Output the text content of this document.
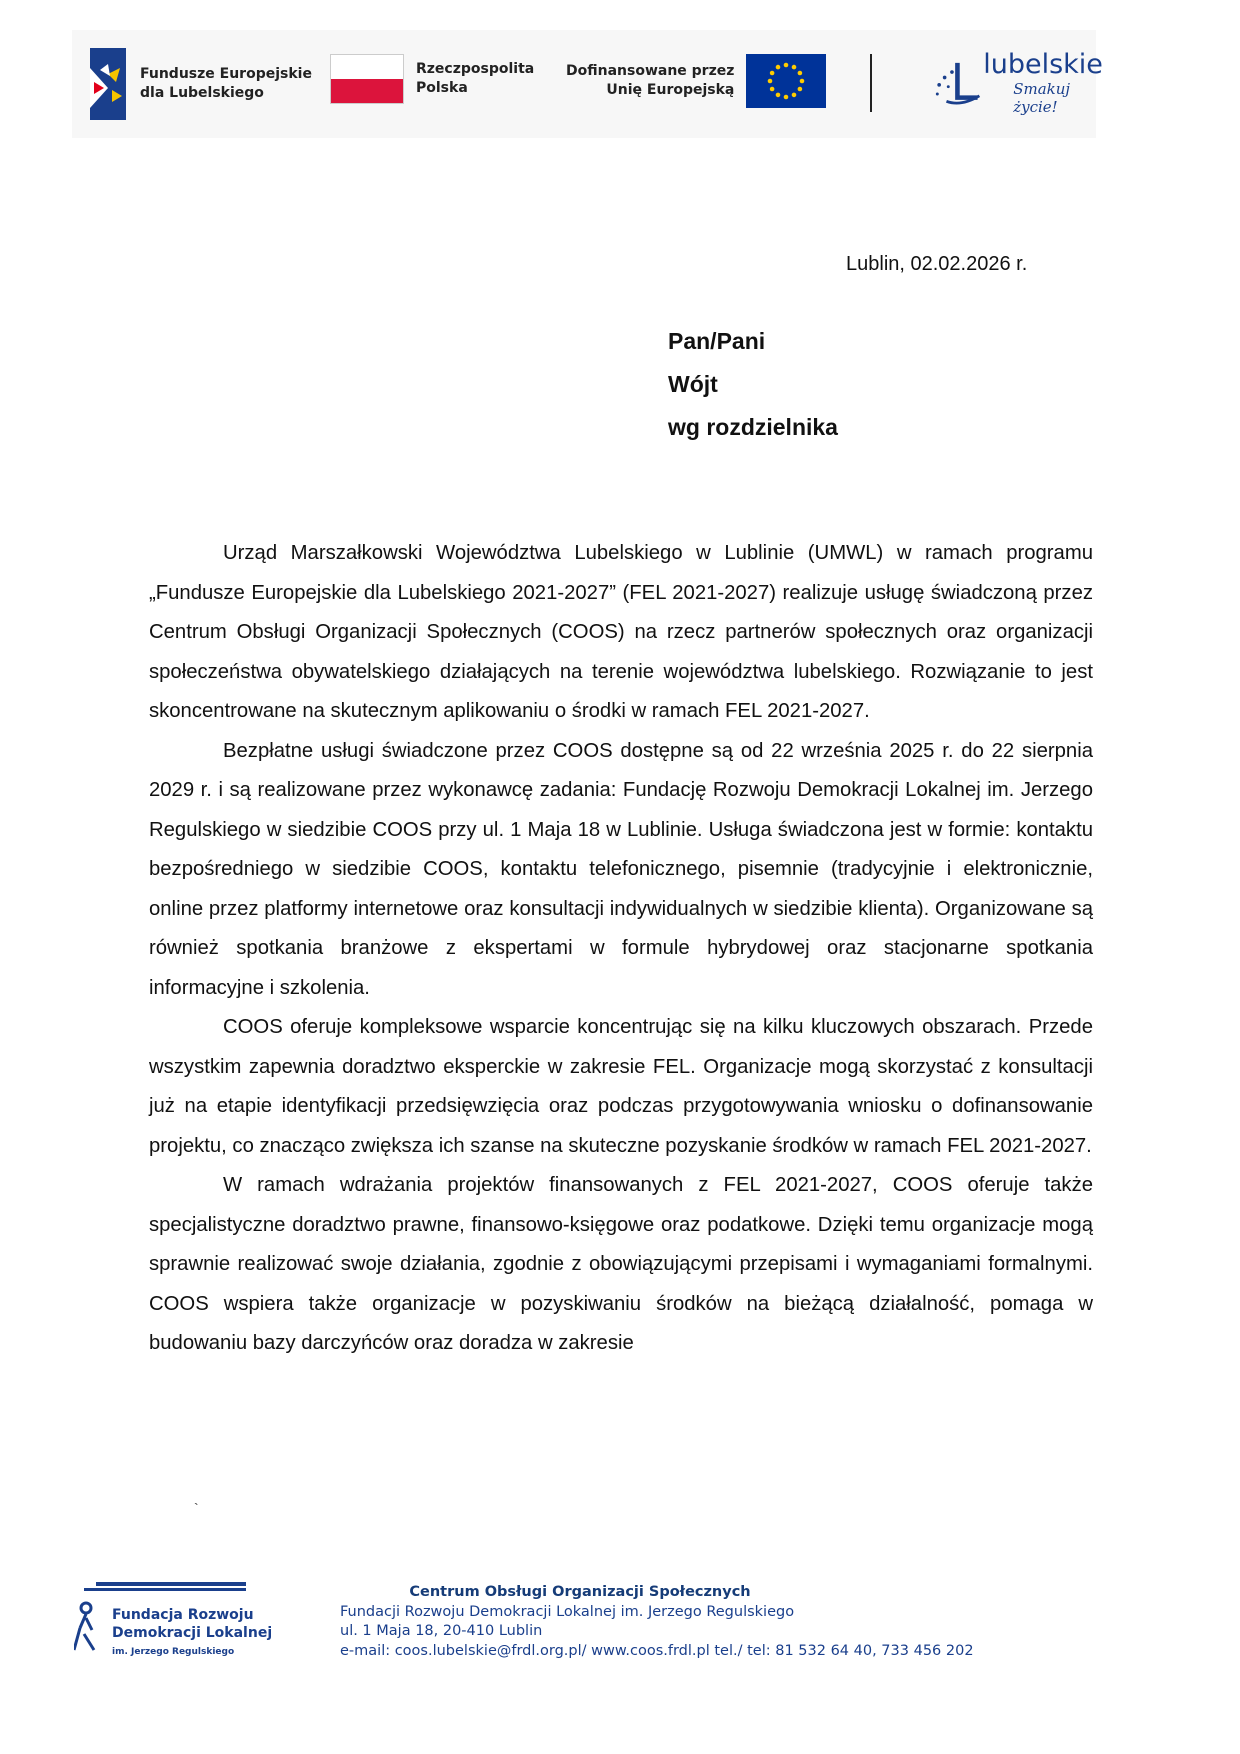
Fundusze Europejskie
dla Lubelskiego
Rzeczpospolita
Polska
Dofinansowane przez
Unię Europejską
lubelskie
Smakuj życie!
Lublin, 02.02.2026 r.
Pan/Pani
Wójt
wg rozdzielnika

Urząd Marszałkowski Województwa Lubelskiego w Lublinie (UMWL) w ramach programu „Fundusze Europejskie dla Lubelskiego 2021-2027” (FEL 2021-2027) realizuje usługę świadczoną przez Centrum Obsługi Organizacji Społecznych (COOS) na rzecz partnerów społecznych oraz organizacji społeczeństwa obywatelskiego działających na terenie województwa lubelskiego. Rozwiązanie to jest skoncentrowane na skutecznym aplikowaniu o środki w ramach FEL 2021-2027.

Bezpłatne usługi świadczone przez COOS dostępne są od 22 września 2025 r. do 22 sierpnia 2029 r. i są realizowane przez wykonawcę zadania: Fundację Rozwoju Demokracji Lokalnej im. Jerzego Regulskiego w siedzibie COOS przy ul. 1 Maja 18 w Lublinie. Usługa świadczona jest w formie: kontaktu bezpośredniego w siedzibie COOS, kontaktu telefonicznego, pisemnie (tradycyjnie i elektronicznie, online przez platformy internetowe oraz konsultacji indywidualnych w siedzibie klienta). Organizowane są również spotkania branżowe z ekspertami w formule hybrydowej oraz stacjonarne spotkania informacyjne i szkolenia.

COOS oferuje kompleksowe wsparcie koncentrując się na kilku kluczowych obszarach. Przede wszystkim zapewnia doradztwo eksperckie w zakresie FEL. Organizacje mogą skorzystać z konsultacji już na etapie identyfikacji przedsięwzięcia oraz podczas przygotowywania wniosku o dofinansowanie projektu, co znacząco zwiększa ich szanse na skuteczne pozyskanie środków w ramach FEL 2021-2027.

W ramach wdrażania projektów finansowanych z FEL 2021-2027, COOS oferuje także specjalistyczne doradztwo prawne, finansowo-księgowe oraz podatkowe. Dzięki temu organizacje mogą sprawnie realizować swoje działania, zgodnie z obowiązującymi przepisami i wymaganiami formalnymi. COOS wspiera także organizacje w pozyskiwaniu środków na bieżącą działalność, pomaga w budowaniu bazy darczyńców oraz doradza w zakresie

`
Fundacja Rozwoju
Demokracji Lokalnej
im. Jerzego Regulskiego
Centrum Obsługi Organizacji Społecznych
Fundacji Rozwoju Demokracji Lokalnej im. Jerzego Regulskiego
ul. 1 Maja 18, 20-410 Lublin
e-mail: coos.lubelskie@frdl.org.pl/ www.coos.frdl.pl tel./ tel: 81 532 64 40, 733 456 202
